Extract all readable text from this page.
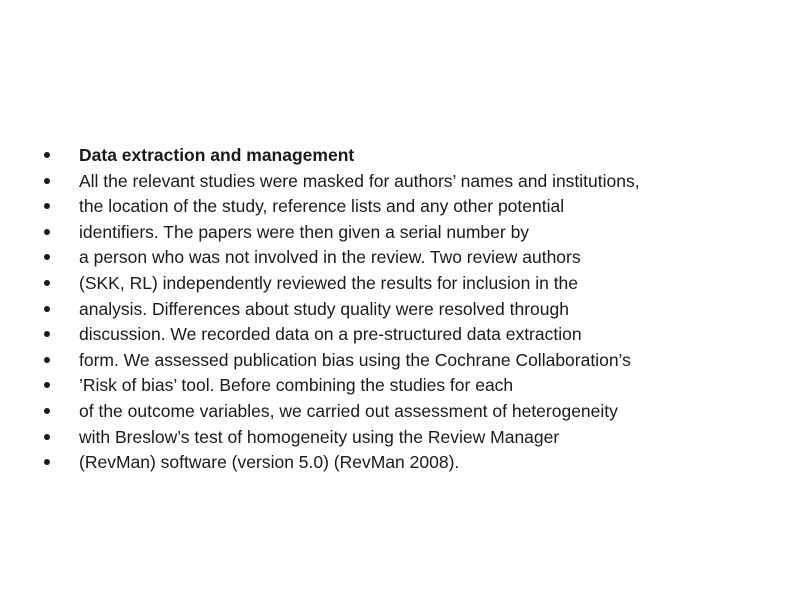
Data extraction and management
All the relevant studies were masked for authors’ names and institutions,
the location of the study, reference lists and any other potential
identifiers. The papers were then given a serial number by
a person who was not involved in the review. Two review authors
(SKK, RL) independently reviewed the results for inclusion in the
analysis. Differences about study quality were resolved through
discussion. We recorded data on a pre-structured data extraction
form. We assessed publication bias using the Cochrane Collaboration’s
’Risk of bias’ tool. Before combining the studies for each
of the outcome variables, we carried out assessment of heterogeneity
with Breslow’s test of homogeneity using the Review Manager
(RevMan) software (version 5.0) (RevMan 2008).
